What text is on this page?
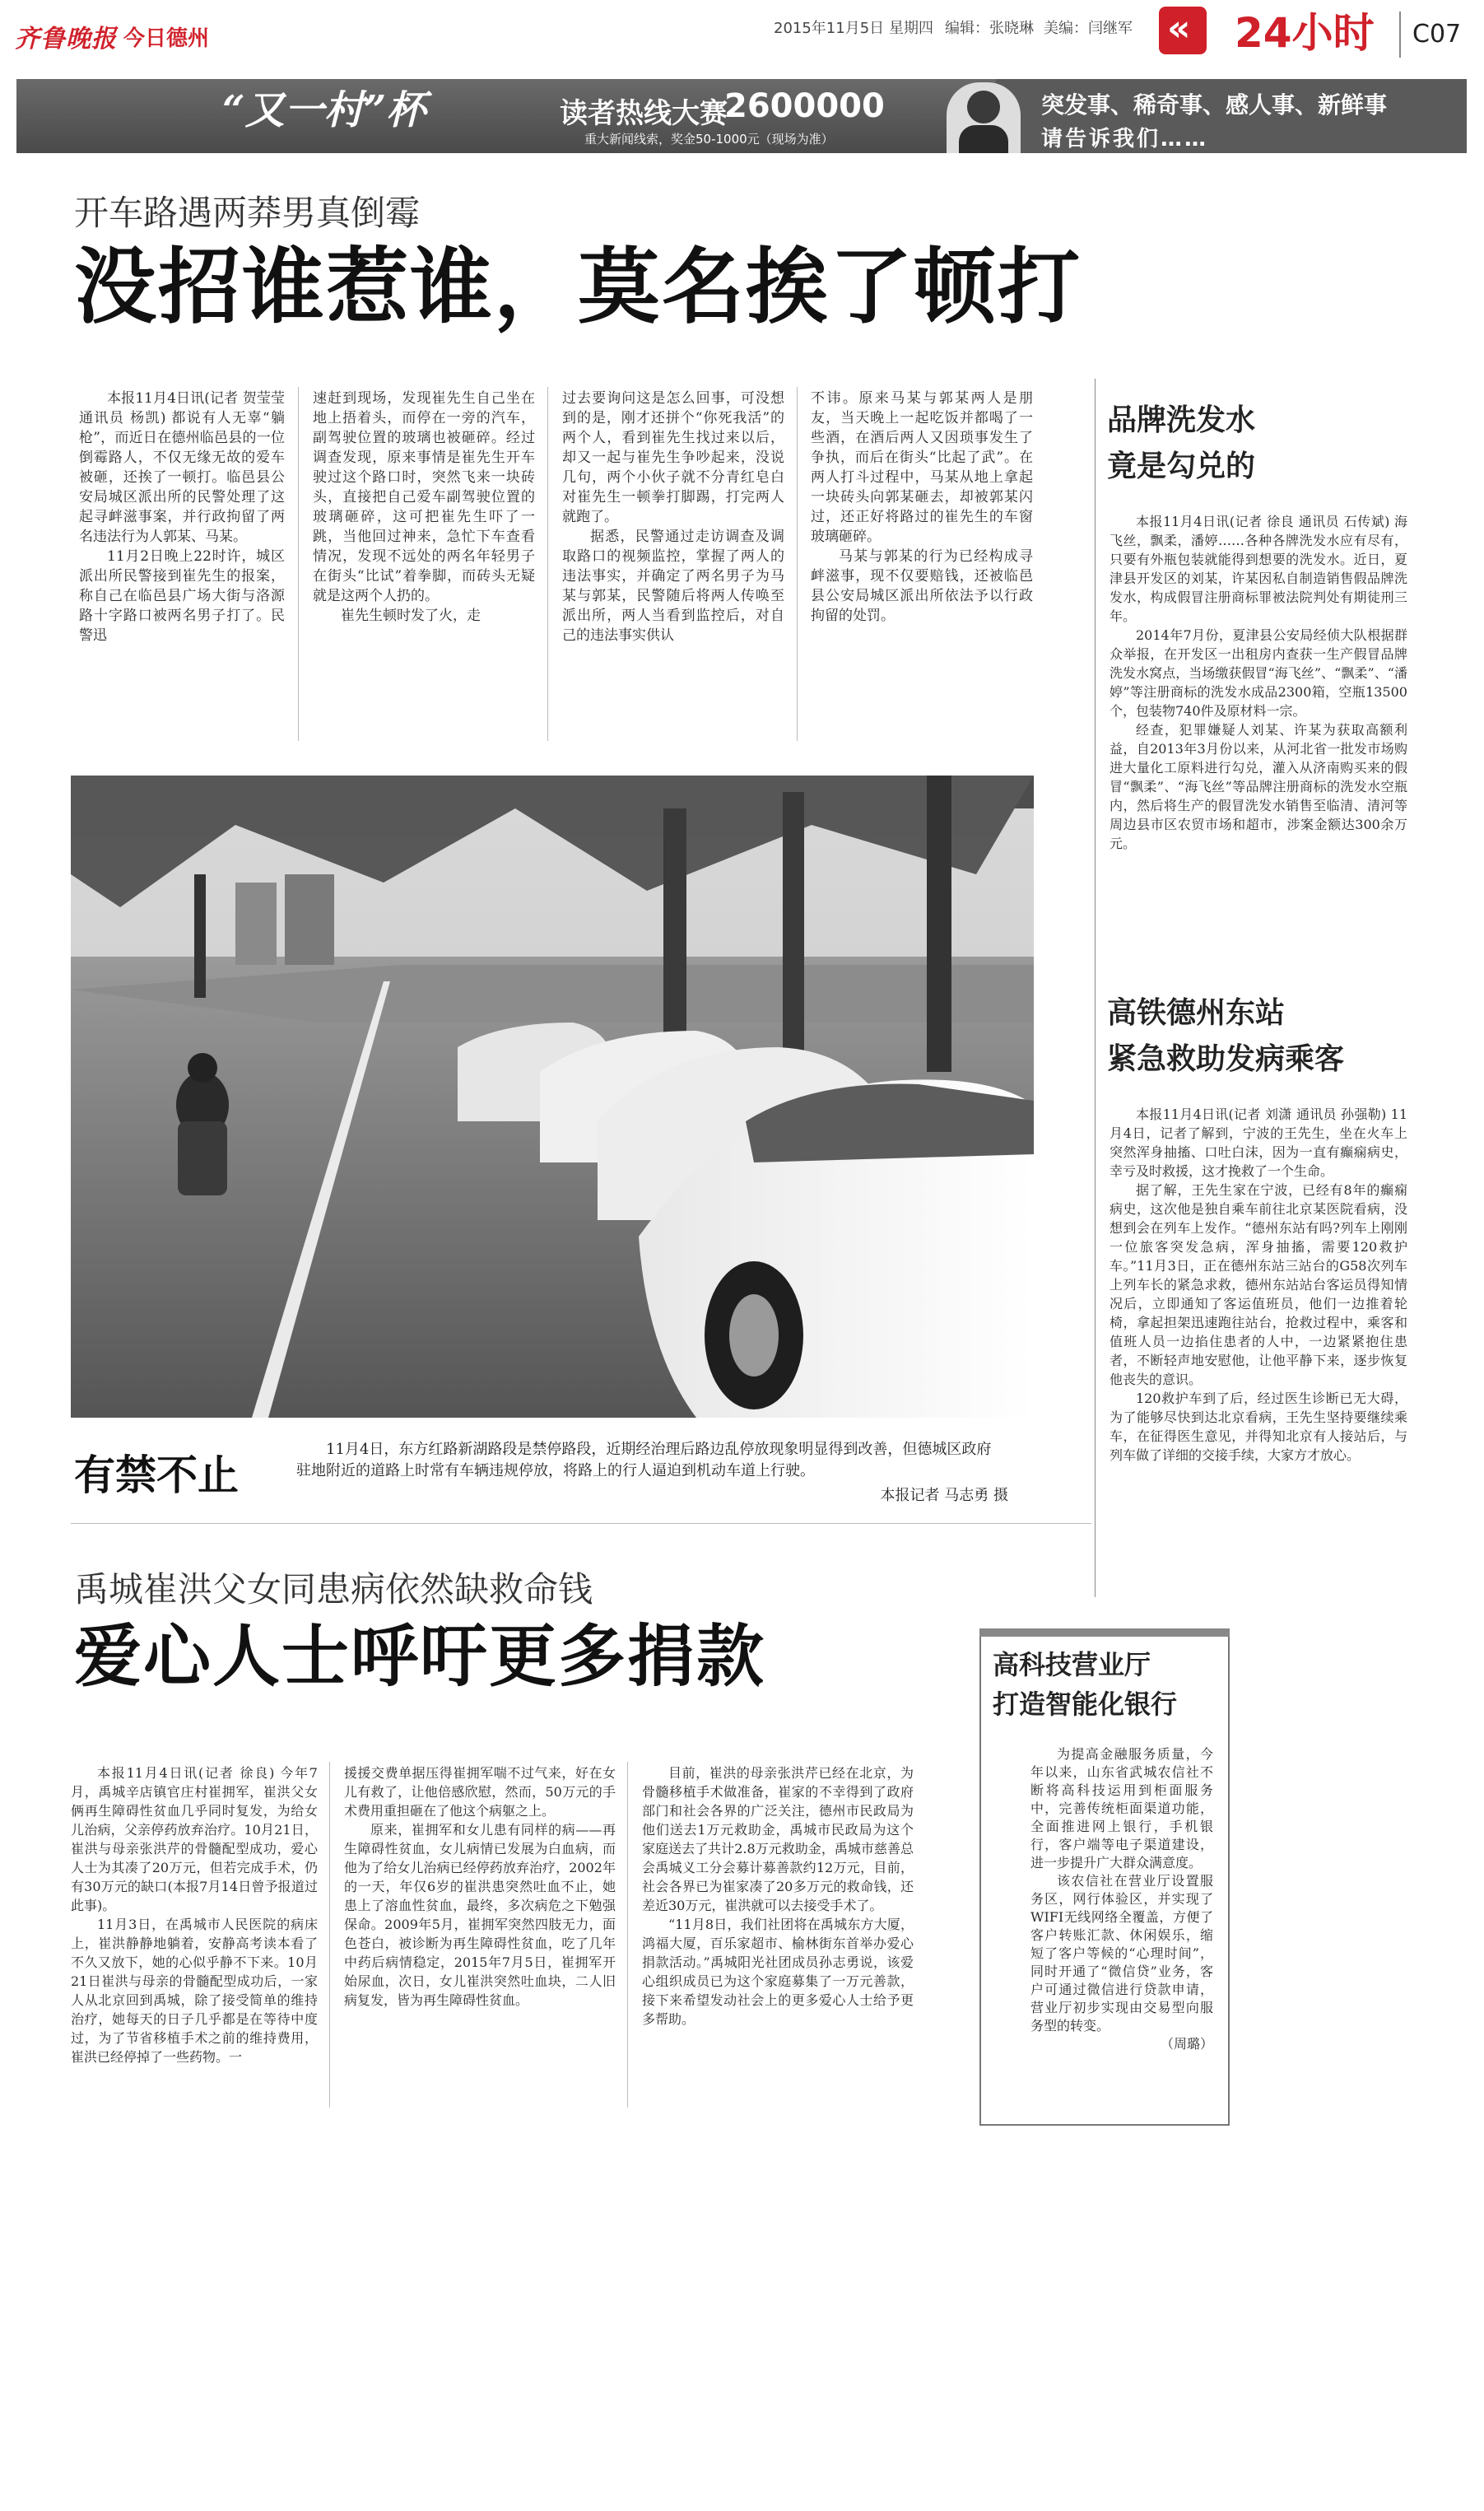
齐鲁晚报 今日德州	2015年11月5日 星期四 编辑：张晓琳 美编：闫继军 « 24小时 C07
“又一村”杯	读者热线大赛
2600000
重大新闻线索，奖金50-1000元（现场为准）
突发事、稀奇事、感人事、新鲜事
请告诉我们……
开车路遇两莽男真倒霉
没招谁惹谁，莫名挨了顿打

本报11月4日讯(记者 贺莹莹 通讯员 杨凯) 都说有人无辜“躺枪”，而近日在德州临邑县的一位倒霉路人，不仅无缘无故的爱车被砸，还挨了一顿打。临邑县公安局城区派出所的民警处理了这起寻衅滋事案，并行政拘留了两名违法行为人郭某、马某。

11月2日晚上22时许，城区派出所民警接到崔先生的报案，称自己在临邑县广场大街与洛源路十字路口被两名男子打了。民警迅

速赶到现场，发现崔先生自己坐在地上捂着头，而停在一旁的汽车，副驾驶位置的玻璃也被砸碎。经过调查发现，原来事情是崔先生开车驶过这个路口时，突然飞来一块砖头，直接把自己爱车副驾驶位置的玻璃砸碎，这可把崔先生吓了一跳，当他回过神来，急忙下车查看情况，发现不远处的两名年轻男子在街头“比试”着拳脚，而砖头无疑就是这两个人扔的。

崔先生顿时发了火，走

过去要询问这是怎么回事，可没想到的是，刚才还拼个“你死我活”的两个人，看到崔先生找过来以后，却又一起与崔先生争吵起来，没说几句，两个小伙子就不分青红皂白对崔先生一顿拳打脚踢，打完两人就跑了。

据悉，民警通过走访调查及调取路口的视频监控，掌握了两人的违法事实，并确定了两名男子为马某与郭某，民警随后将两人传唤至派出所，两人当看到监控后，对自己的违法事实供认

不讳。原来马某与郭某两人是朋友，当天晚上一起吃饭并都喝了一些酒，在酒后两人又因琐事发生了争执，而后在街头“比起了武”。在两人打斗过程中，马某从地上拿起一块砖头向郭某砸去，却被郭某闪过，还正好将路过的崔先生的车窗玻璃砸碎。

马某与郭某的行为已经构成寻衅滋事，现不仅要赔钱，还被临邑县公安局城区派出所依法予以行政拘留的处罚。

有禁不止
11月4日，东方红路新湖路段是禁停路段，近期经治理后路边乱停放现象明显得到改善，但德城区政府驻地附近的道路上时常有车辆违规停放，将路上的行人逼迫到机动车道上行驶。
本报记者 马志勇 摄
品牌洗发水
竟是勾兑的

本报11月4日讯(记者 徐良 通讯员 石传斌) 海飞丝，飘柔，潘婷……各种各牌洗发水应有尽有，只要有外瓶包装就能得到想要的洗发水。近日，夏津县开发区的刘某，许某因私自制造销售假品牌洗发水，构成假冒注册商标罪被法院判处有期徒刑三年。

2014年7月份，夏津县公安局经侦大队根据群众举报，在开发区一出租房内查获一生产假冒品牌洗发水窝点，当场缴获假冒“海飞丝”、“飘柔”、“潘婷”等注册商标的洗发水成品2300箱，空瓶13500个，包装物740件及原材料一宗。

经查，犯罪嫌疑人刘某、许某为获取高额利益，自2013年3月份以来，从河北省一批发市场购进大量化工原料进行勾兑，灌入从济南购买来的假冒“飘柔”、“海飞丝”等品牌注册商标的洗发水空瓶内，然后将生产的假冒洗发水销售至临清、清河等周边县市区农贸市场和超市，涉案金额达300余万元。

高铁德州东站
紧急救助发病乘客

本报11月4日讯(记者 刘潇 通讯员 孙强勒) 11月4日，记者了解到，宁波的王先生，坐在火车上突然浑身抽搐、口吐白沫，因为一直有癫痫病史，幸亏及时救援，这才挽救了一个生命。

据了解，王先生家在宁波，已经有8年的癫痫病史，这次他是独自乘车前往北京某医院看病，没想到会在列车上发作。“德州东站有吗?列车上刚刚一位旅客突发急病，浑身抽搐，需要120救护车。”11月3日，正在德州东站三站台的G58次列车上列车长的紧急求救，德州东站站台客运员得知情况后，立即通知了客运值班员，他们一边推着轮椅，拿起担架迅速跑往站台，抢救过程中，乘客和值班人员一边掐住患者的人中，一边紧紧抱住患者，不断轻声地安慰他，让他平静下来，逐步恢复他丧失的意识。

120救护车到了后，经过医生诊断已无大碍，为了能够尽快到达北京看病，王先生坚持要继续乘车，在征得医生意见，并得知北京有人接站后，与列车做了详细的交接手续，大家方才放心。

禹城崔洪父女同患病依然缺救命钱
爱心人士呼吁更多捐款

本报11月4日讯(记者 徐良) 今年7月，禹城辛店镇官庄村崔拥军，崔洪父女俩再生障碍性贫血几乎同时复发，为给女儿治病，父亲停药放弃治疗。10月21日，崔洪与母亲张洪芹的骨髓配型成功，爱心人士为其凑了20万元，但若完成手术，仍有30万元的缺口(本报7月14日曾予报道过此事)。

11月3日，在禹城市人民医院的病床上，崔洪静静地躺着，安静高考读本看了不久又放下，她的心似乎静不下来。10月21日崔洪与母亲的骨髓配型成功后，一家人从北京回到禹城，除了接受简单的维持治疗，她每天的日子几乎都是在等待中度过，为了节省移植手术之前的维持费用，崔洪已经停掉了一些药物。一

援援交费单据压得崔拥军喘不过气来，好在女儿有救了，让他倍感欣慰，然而，50万元的手术费用重担砸在了他这个病躯之上。

原来，崔拥军和女儿患有同样的病——再生障碍性贫血，女儿病情已发展为白血病，而他为了给女儿治病已经停药放弃治疗，2002年的一天，年仅6岁的崔洪患突然吐血不止，她患上了溶血性贫血，最终，多次病危之下勉强保命。2009年5月，崔拥军突然四肢无力，面色苍白，被诊断为再生障碍性贫血，吃了几年中药后病情稳定，2015年7月5日，崔拥军开始尿血，次日，女儿崔洪突然吐血块，二人旧病复发，皆为再生障碍性贫血。

目前，崔洪的母亲张洪芹已经在北京，为骨髓移植手术做准备，崔家的不幸得到了政府部门和社会各界的广泛关注，德州市民政局为他们送去1万元救助金，禹城市民政局为这个家庭送去了共计2.8万元救助金，禹城市慈善总会禹城义工分会募计募善款约12万元，目前，社会各界已为崔家凑了20多万元的救命钱，还差近30万元，崔洪就可以去接受手术了。

“11月8日，我们社团将在禹城东方大厦，鸿福大厦，百乐家超市、榆林街东首举办爱心捐款活动。”禹城阳光社团成员孙志勇说，该爱心组织成员已为这个家庭募集了一万元善款，接下来希望发动社会上的更多爱心人士给予更多帮助。

高科技营业厅
打造智能化银行

为提高金融服务质量，今年以来，山东省武城农信社不断将高科技运用到柜面服务中，完善传统柜面渠道功能，全面推进网上银行，手机银行，客户端等电子渠道建设，进一步提升广大群众满意度。

该农信社在营业厅设置服务区，网行体验区，并实现了WIFI无线网络全覆盖，方便了客户转账汇款、休闲娱乐，缩短了客户等候的“心理时间”，同时开通了“微信贷”业务，客户可通过微信进行贷款申请，营业厅初步实现由交易型向服务型的转变。

（周璐）
